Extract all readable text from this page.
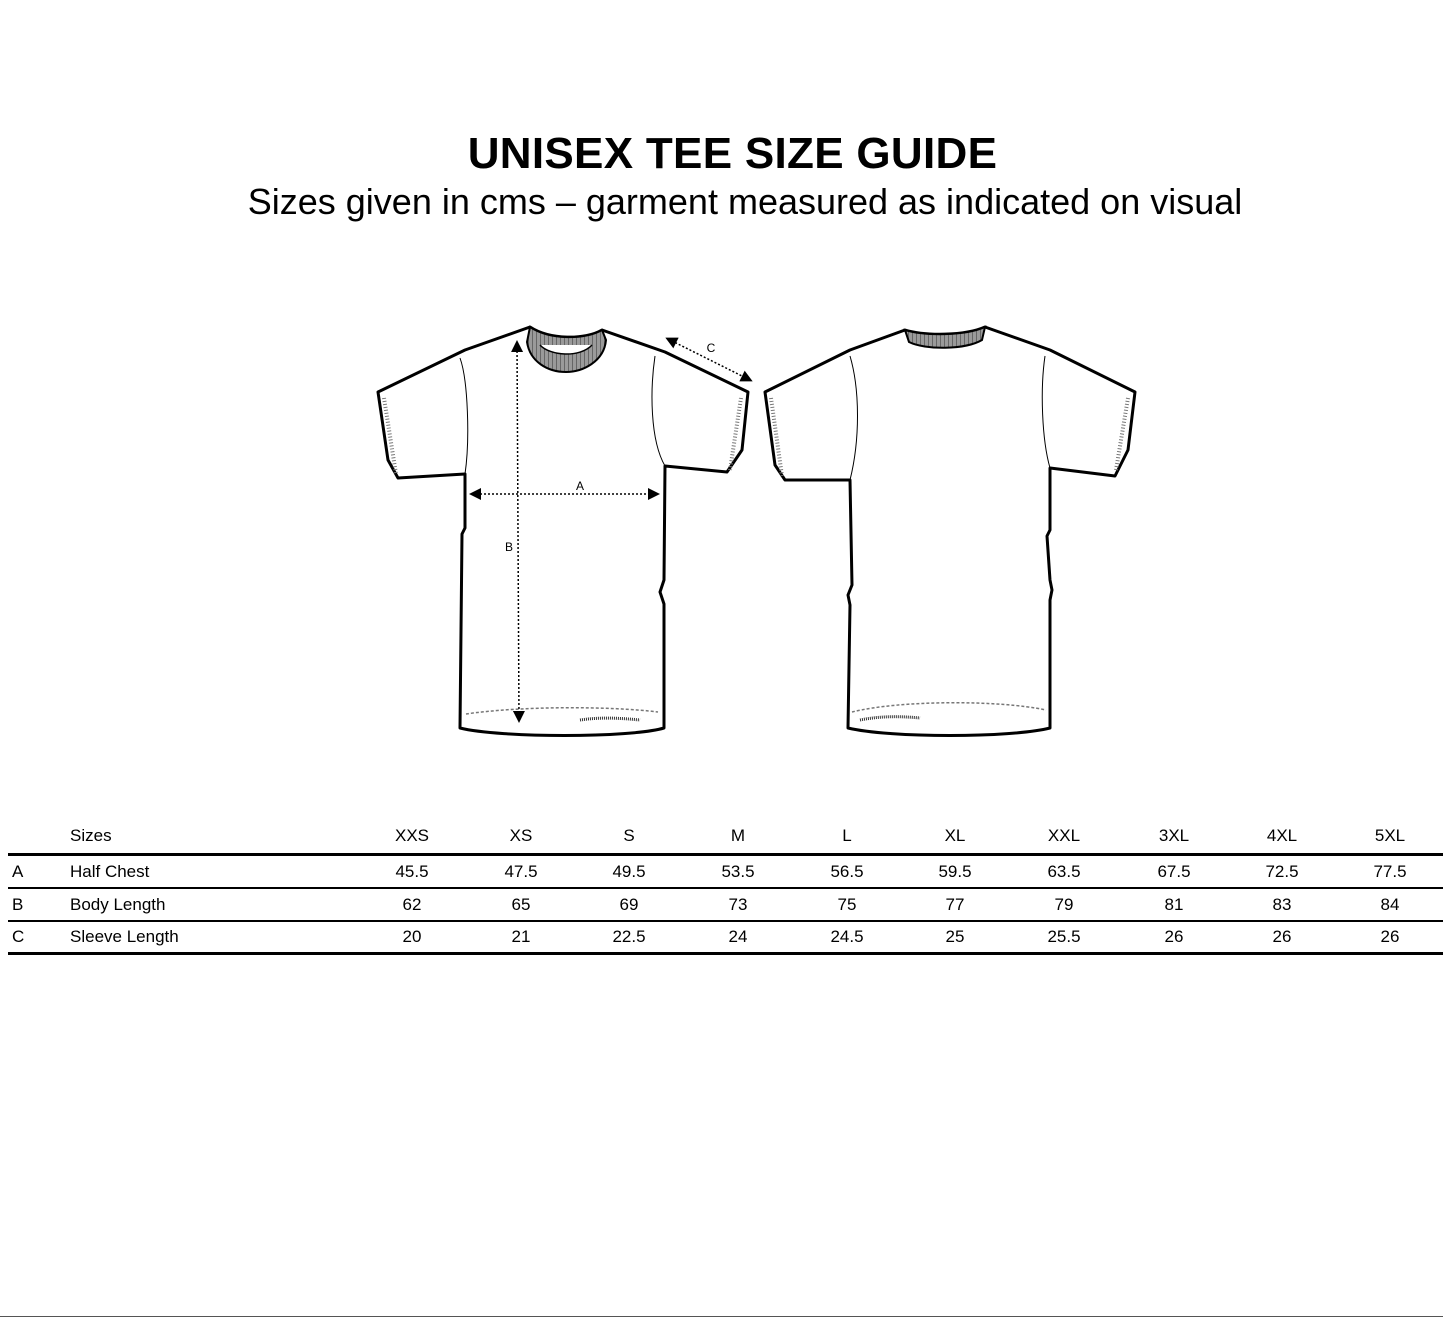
UNISEX TEE SIZE GUIDE
Sizes given in cms – garment measured as indicated on visual
A
B
C
Sizes	XXS	XS	S	M	L	XL	XXL	3XL	4XL	5XL
A	Half Chest	45.5	47.5	49.5	53.5	56.5	59.5	63.5	67.5	72.5	77.5
B	Body Length	62	65	69	73	75	77	79	81	83	84
C	Sleeve Length	20	21	22.5	24	24.5	25	25.5	26	26	26
